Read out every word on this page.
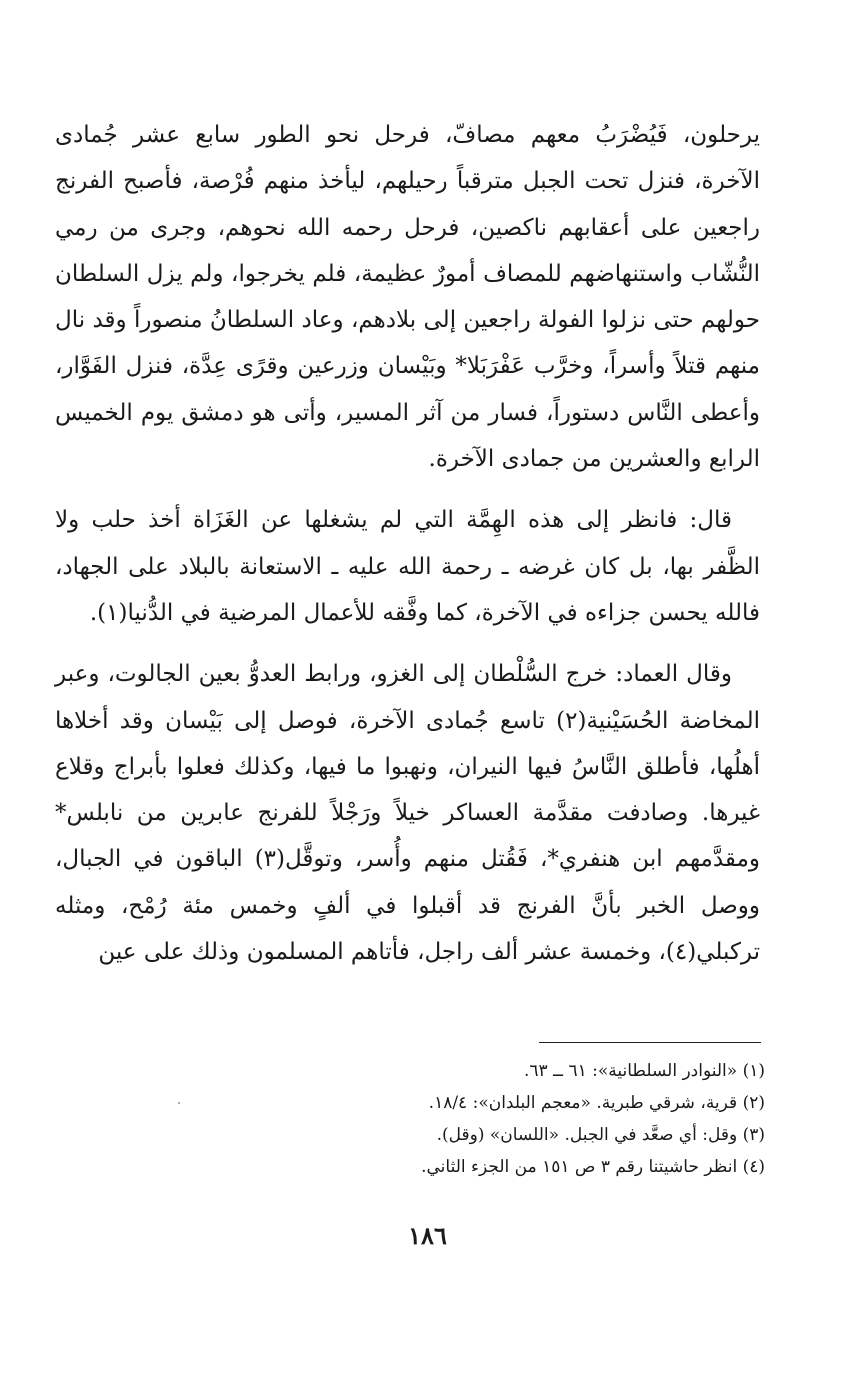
يرحلون، فَيُضْرَبُ معهم مصافّ، فرحل نحو الطور سابع عشر جُمادى الآخرة، فنزل تحت الجبل مترقباً رحيلهم، ليأخذ منهم فُرْصة، فأصبح الفرنج راجعين على أعقابهم ناكصين، فرحل رحمه الله نحوهم، وجرى من رمي النُّشّاب واستنهاضهم للمصاف أمورٌ عظيمة، فلم يخرجوا، ولم يزل السلطان حولهم حتى نزلوا الفولة راجعين إلى بلادهم، وعاد السلطانُ منصوراً وقد نال منهم قتلاً وأسراً، وخرَّب عَفْرَبَلا* وبَيْسان وزرعين وقرًى عِدَّة، فنزل الفَوَّار، وأعطى النَّاس دستوراً، فسار من آثر المسير، وأتى هو دمشق يوم الخميس الرابع والعشرين من جمادى الآخرة.

قال: فانظر إلى هذه الهِمَّة التي لم يشغلها عن الغَزَاة أخذ حلب ولا الظَّفر بها، بل كان غرضه ـ رحمة الله عليه ـ الاستعانة بالبلاد على الجهاد، فالله يحسن جزاءه في الآخرة، كما وفَّقه للأعمال المرضية في الدُّنيا(١).

وقال العماد: خرج السُّلْطان إلى الغزو، ورابط العدوُّ بعين الجالوت، وعبر المخاضة الحُسَيْنية(٢) تاسع جُمادى الآخرة، فوصل إلى بَيْسان وقد أخلاها أهلُها، فأطلق النَّاسُ فيها النيران، ونهبوا ما فيها، وكذلك فعلوا بأبراج وقلاع غيرها. وصادفت مقدَّمة العساكر خيلاً ورَجْلاً للفرنج عابرين من نابلس* ومقدَّمهم ابن هنفري*، فَقُتل منهم وأُسر، وتوقَّل(٣) الباقون في الجبال، ووصل الخبر بأنَّ الفرنج قد أقبلوا في ألفٍ وخمس مئة رُمْح، ومثله تركبلي(٤)، وخمسة عشر ألف راجل، فأتاهم المسلمون وذلك على عين

(١) «النوادر السلطانية»: ٦١ ــ ٦٣.
(٢) قرية، شرقي طبرية. «معجم البلدان»: ١٨/٤.
(٣) وقل: أي صعَّد في الجبل. «اللسان» (وقل).
(٤) انظر حاشيتنا رقم ٣ ص ١٥١ من الجزء الثاني.
١٨٦
